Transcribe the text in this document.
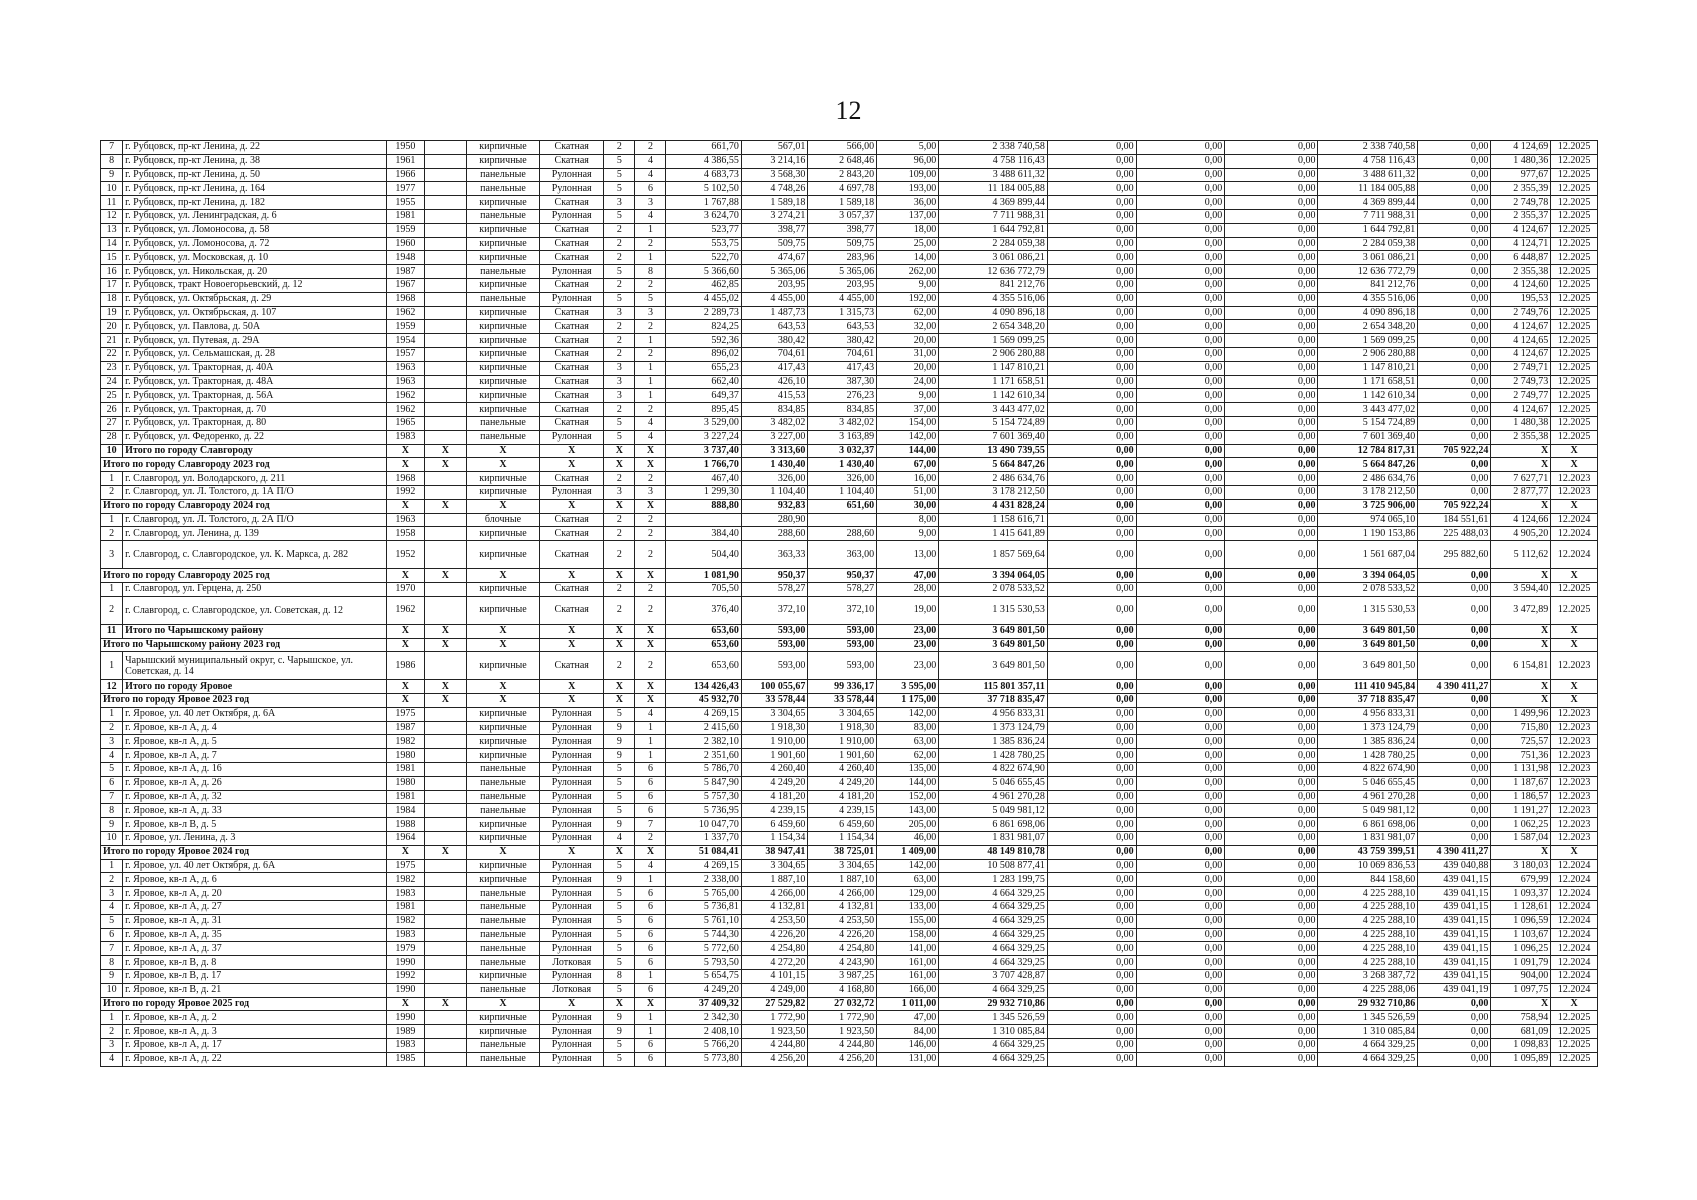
12
7	г. Рубцовск, пр-кт Ленина, д. 22	1950		кирпичные	Скатная	2	2	661,70	567,01	566,00	5,00	2 338 740,58	0,00	0,00	0,00	2 338 740,58	0,00	4 124,69	12.2025
8	г. Рубцовск, пр-кт Ленина, д. 38	1961		кирпичные	Скатная	5	4	4 386,55	3 214,16	2 648,46	96,00	4 758 116,43	0,00	0,00	0,00	4 758 116,43	0,00	1 480,36	12.2025
9	г. Рубцовск, пр-кт Ленина, д. 50	1966		панельные	Рулонная	5	4	4 683,73	3 568,30	2 843,20	109,00	3 488 611,32	0,00	0,00	0,00	3 488 611,32	0,00	977,67	12.2025
10	г. Рубцовск, пр-кт Ленина, д. 164	1977		панельные	Рулонная	5	6	5 102,50	4 748,26	4 697,78	193,00	11 184 005,88	0,00	0,00	0,00	11 184 005,88	0,00	2 355,39	12.2025
11	г. Рубцовск, пр-кт Ленина, д. 182	1955		кирпичные	Скатная	3	3	1 767,88	1 589,18	1 589,18	36,00	4 369 899,44	0,00	0,00	0,00	4 369 899,44	0,00	2 749,78	12.2025
12	г. Рубцовск, ул. Ленинградская, д. 6	1981		панельные	Рулонная	5	4	3 624,70	3 274,21	3 057,37	137,00	7 711 988,31	0,00	0,00	0,00	7 711 988,31	0,00	2 355,37	12.2025
13	г. Рубцовск, ул. Ломоносова, д. 58	1959		кирпичные	Скатная	2	1	523,77	398,77	398,77	18,00	1 644 792,81	0,00	0,00	0,00	1 644 792,81	0,00	4 124,67	12.2025
14	г. Рубцовск, ул. Ломоносова, д. 72	1960		кирпичные	Скатная	2	2	553,75	509,75	509,75	25,00	2 284 059,38	0,00	0,00	0,00	2 284 059,38	0,00	4 124,71	12.2025
15	г. Рубцовск, ул. Московская, д. 10	1948		кирпичные	Скатная	2	1	522,70	474,67	283,96	14,00	3 061 086,21	0,00	0,00	0,00	3 061 086,21	0,00	6 448,87	12.2025
16	г. Рубцовск, ул. Никольская, д. 20	1987		панельные	Рулонная	5	8	5 366,60	5 365,06	5 365,06	262,00	12 636 772,79	0,00	0,00	0,00	12 636 772,79	0,00	2 355,38	12.2025
17	г. Рубцовск, тракт Новоегорьевский, д. 12	1967		кирпичные	Скатная	2	2	462,85	203,95	203,95	9,00	841 212,76	0,00	0,00	0,00	841 212,76	0,00	4 124,60	12.2025
18	г. Рубцовск, ул. Октябрьская, д. 29	1968		панельные	Рулонная	5	5	4 455,02	4 455,00	4 455,00	192,00	4 355 516,06	0,00	0,00	0,00	4 355 516,06	0,00	195,53	12.2025
19	г. Рубцовск, ул. Октябрьская, д. 107	1962		кирпичные	Скатная	3	3	2 289,73	1 487,73	1 315,73	62,00	4 090 896,18	0,00	0,00	0,00	4 090 896,18	0,00	2 749,76	12.2025
20	г. Рубцовск, ул. Павлова, д. 50А	1959		кирпичные	Скатная	2	2	824,25	643,53	643,53	32,00	2 654 348,20	0,00	0,00	0,00	2 654 348,20	0,00	4 124,67	12.2025
21	г. Рубцовск, ул. Путевая, д. 29А	1954		кирпичные	Скатная	2	1	592,36	380,42	380,42	20,00	1 569 099,25	0,00	0,00	0,00	1 569 099,25	0,00	4 124,65	12.2025
22	г. Рубцовск, ул. Сельмашская, д. 28	1957		кирпичные	Скатная	2	2	896,02	704,61	704,61	31,00	2 906 280,88	0,00	0,00	0,00	2 906 280,88	0,00	4 124,67	12.2025
23	г. Рубцовск, ул. Тракторная, д. 40А	1963		кирпичные	Скатная	3	1	655,23	417,43	417,43	20,00	1 147 810,21	0,00	0,00	0,00	1 147 810,21	0,00	2 749,71	12.2025
24	г. Рубцовск, ул. Тракторная, д. 48А	1963		кирпичные	Скатная	3	1	662,40	426,10	387,30	24,00	1 171 658,51	0,00	0,00	0,00	1 171 658,51	0,00	2 749,73	12.2025
25	г. Рубцовск, ул. Тракторная, д. 56А	1962		кирпичные	Скатная	3	1	649,37	415,53	276,23	9,00	1 142 610,34	0,00	0,00	0,00	1 142 610,34	0,00	2 749,77	12.2025
26	г. Рубцовск, ул. Тракторная, д. 70	1962		кирпичные	Скатная	2	2	895,45	834,85	834,85	37,00	3 443 477,02	0,00	0,00	0,00	3 443 477,02	0,00	4 124,67	12.2025
27	г. Рубцовск, ул. Тракторная, д. 80	1965		панельные	Скатная	5	4	3 529,00	3 482,02	3 482,02	154,00	5 154 724,89	0,00	0,00	0,00	5 154 724,89	0,00	1 480,38	12.2025
28	г. Рубцовск, ул. Федоренко, д. 22	1983		панельные	Рулонная	5	4	3 227,24	3 227,00	3 163,89	142,00	7 601 369,40	0,00	0,00	0,00	7 601 369,40	0,00	2 355,38	12.2025
10	Итого по городу Славгороду	X	X	X	X	X	X	3 737,40	3 313,60	3 032,37	144,00	13 490 739,55	0,00	0,00	0,00	12 784 817,31	705 922,24	X	X
Итого по городу Славгороду 2023 год		X	X	X	X	X	X	1 766,70	1 430,40	1 430,40	67,00	5 664 847,26	0,00	0,00	0,00	5 664 847,26	0,00	X	X
1	г. Славгород, ул. Володарского, д. 211	1968		кирпичные	Скатная	2	2	467,40	326,00	326,00	16,00	2 486 634,76	0,00	0,00	0,00	2 486 634,76	0,00	7 627,71	12.2023
2	г. Славгород, ул. Л. Толстого, д. 1А П/О	1992		кирпичные	Рулонная	3	3	1 299,30	1 104,40	1 104,40	51,00	3 178 212,50	0,00	0,00	0,00	3 178 212,50	0,00	2 877,77	12.2023
Итого по городу Славгороду 2024 год		X	X	X	X	X	X	888,80	932,83	651,60	30,00	4 431 828,24	0,00	0,00	0,00	3 725 906,00	705 922,24	X	X
1	г. Славгород, ул. Л. Толстого, д. 2А П/О	1963		блочные	Скатная	2	2		280,90		8,00	1 158 616,71	0,00	0,00	0,00	974 065,10	184 551,61	4 124,66	12.2024
2	г. Славгород, ул. Ленина, д. 139	1958		кирпичные	Скатная	2	2	384,40	288,60	288,60	9,00	1 415 641,89	0,00	0,00	0,00	1 190 153,86	225 488,03	4 905,20	12.2024
3	г. Славгород, с. Славгородское, ул. К. Маркса, д. 282	1952		кирпичные	Скатная	2	2	504,40	363,33	363,00	13,00	1 857 569,64	0,00	0,00	0,00	1 561 687,04	295 882,60	5 112,62	12.2024
Итого по городу Славгороду 2025 год		X	X	X	X	X	X	1 081,90	950,37	950,37	47,00	3 394 064,05	0,00	0,00	0,00	3 394 064,05	0,00	X	X
1	г. Славгород, ул. Герцена, д. 250	1970		кирпичные	Скатная	2	2	705,50	578,27	578,27	28,00	2 078 533,52	0,00	0,00	0,00	2 078 533,52	0,00	3 594,40	12.2025
2	г. Славгород, с. Славгородское, ул. Советская, д. 12	1962		кирпичные	Скатная	2	2	376,40	372,10	372,10	19,00	1 315 530,53	0,00	0,00	0,00	1 315 530,53	0,00	3 472,89	12.2025
11	Итого по Чарышскому району	X	X	X	X	X	X	653,60	593,00	593,00	23,00	3 649 801,50	0,00	0,00	0,00	3 649 801,50	0,00	X	X
Итого по Чарышскому району 2023 год		X	X	X	X	X	X	653,60	593,00	593,00	23,00	3 649 801,50	0,00	0,00	0,00	3 649 801,50	0,00	X	X
1	Чарышский муниципальный округ, с. Чарышское, ул. Советская, д. 14	1986		кирпичные	Скатная	2	2	653,60	593,00	593,00	23,00	3 649 801,50	0,00	0,00	0,00	3 649 801,50	0,00	6 154,81	12.2023
12	Итого по городу Яровое	X	X	X	X	X	X	134 426,43	100 055,67	99 336,17	3 595,00	115 801 357,11	0,00	0,00	0,00	111 410 945,84	4 390 411,27	X	X
Итого по городу Яровое 2023 год		X	X	X	X	X	X	45 932,70	33 578,44	33 578,44	1 175,00	37 718 835,47	0,00	0,00	0,00	37 718 835,47	0,00	X	X
1	г. Яровое, ул. 40 лет Октября, д. 6А	1975		кирпичные	Рулонная	5	4	4 269,15	3 304,65	3 304,65	142,00	4 956 833,31	0,00	0,00	0,00	4 956 833,31	0,00	1 499,96	12.2023
2	г. Яровое, кв-л А, д. 4	1987		кирпичные	Рулонная	9	1	2 415,60	1 918,30	1 918,30	83,00	1 373 124,79	0,00	0,00	0,00	1 373 124,79	0,00	715,80	12.2023
3	г. Яровое, кв-л А, д. 5	1982		кирпичные	Рулонная	9	1	2 382,10	1 910,00	1 910,00	63,00	1 385 836,24	0,00	0,00	0,00	1 385 836,24	0,00	725,57	12.2023
4	г. Яровое, кв-л А, д. 7	1980		кирпичные	Рулонная	9	1	2 351,60	1 901,60	1 901,60	62,00	1 428 780,25	0,00	0,00	0,00	1 428 780,25	0,00	751,36	12.2023
5	г. Яровое, кв-л А, д. 16	1981		панельные	Рулонная	5	6	5 786,70	4 260,40	4 260,40	135,00	4 822 674,90	0,00	0,00	0,00	4 822 674,90	0,00	1 131,98	12.2023
6	г. Яровое, кв-л А, д. 26	1980		панельные	Рулонная	5	6	5 847,90	4 249,20	4 249,20	144,00	5 046 655,45	0,00	0,00	0,00	5 046 655,45	0,00	1 187,67	12.2023
7	г. Яровое, кв-л А, д. 32	1981		панельные	Рулонная	5	6	5 757,30	4 181,20	4 181,20	152,00	4 961 270,28	0,00	0,00	0,00	4 961 270,28	0,00	1 186,57	12.2023
8	г. Яровое, кв-л А, д. 33	1984		панельные	Рулонная	5	6	5 736,95	4 239,15	4 239,15	143,00	5 049 981,12	0,00	0,00	0,00	5 049 981,12	0,00	1 191,27	12.2023
9	г. Яровое, кв-л В, д. 5	1988		кирпичные	Рулонная	9	7	10 047,70	6 459,60	6 459,60	205,00	6 861 698,06	0,00	0,00	0,00	6 861 698,06	0,00	1 062,25	12.2023
10	г. Яровое, ул. Ленина, д. 3	1964		кирпичные	Рулонная	4	2	1 337,70	1 154,34	1 154,34	46,00	1 831 981,07	0,00	0,00	0,00	1 831 981,07	0,00	1 587,04	12.2023
Итого по городу Яровое 2024 год		X	X	X	X	X	X	51 084,41	38 947,41	38 725,01	1 409,00	48 149 810,78	0,00	0,00	0,00	43 759 399,51	4 390 411,27	X	X
1	г. Яровое, ул. 40 лет Октября, д. 6А	1975		кирпичные	Рулонная	5	4	4 269,15	3 304,65	3 304,65	142,00	10 508 877,41	0,00	0,00	0,00	10 069 836,53	439 040,88	3 180,03	12.2024
2	г. Яровое, кв-л А, д. 6	1982		кирпичные	Рулонная	9	1	2 338,00	1 887,10	1 887,10	63,00	1 283 199,75	0,00	0,00	0,00	844 158,60	439 041,15	679,99	12.2024
3	г. Яровое, кв-л А, д. 20	1983		панельные	Рулонная	5	6	5 765,00	4 266,00	4 266,00	129,00	4 664 329,25	0,00	0,00	0,00	4 225 288,10	439 041,15	1 093,37	12.2024
4	г. Яровое, кв-л А, д. 27	1981		панельные	Рулонная	5	6	5 736,81	4 132,81	4 132,81	133,00	4 664 329,25	0,00	0,00	0,00	4 225 288,10	439 041,15	1 128,61	12.2024
5	г. Яровое, кв-л А, д. 31	1982		панельные	Рулонная	5	6	5 761,10	4 253,50	4 253,50	155,00	4 664 329,25	0,00	0,00	0,00	4 225 288,10	439 041,15	1 096,59	12.2024
6	г. Яровое, кв-л А, д. 35	1983		панельные	Рулонная	5	6	5 744,30	4 226,20	4 226,20	158,00	4 664 329,25	0,00	0,00	0,00	4 225 288,10	439 041,15	1 103,67	12.2024
7	г. Яровое, кв-л А, д. 37	1979		панельные	Рулонная	5	6	5 772,60	4 254,80	4 254,80	141,00	4 664 329,25	0,00	0,00	0,00	4 225 288,10	439 041,15	1 096,25	12.2024
8	г. Яровое, кв-л В, д. 8	1990		панельные	Лотковая	5	6	5 793,50	4 272,20	4 243,90	161,00	4 664 329,25	0,00	0,00	0,00	4 225 288,10	439 041,15	1 091,79	12.2024
9	г. Яровое, кв-л В, д. 17	1992		кирпичные	Рулонная	8	1	5 654,75	4 101,15	3 987,25	161,00	3 707 428,87	0,00	0,00	0,00	3 268 387,72	439 041,15	904,00	12.2024
10	г. Яровое, кв-л В, д. 21	1990		панельные	Лотковая	5	6	4 249,20	4 249,00	4 168,80	166,00	4 664 329,25	0,00	0,00	0,00	4 225 288,06	439 041,19	1 097,75	12.2024
Итого по городу Яровое 2025 год		X	X	X	X	X	X	37 409,32	27 529,82	27 032,72	1 011,00	29 932 710,86	0,00	0,00	0,00	29 932 710,86	0,00	X	X
1	г. Яровое, кв-л А, д. 2	1990		кирпичные	Рулонная	9	1	2 342,30	1 772,90	1 772,90	47,00	1 345 526,59	0,00	0,00	0,00	1 345 526,59	0,00	758,94	12.2025
2	г. Яровое, кв-л А, д. 3	1989		кирпичные	Рулонная	9	1	2 408,10	1 923,50	1 923,50	84,00	1 310 085,84	0,00	0,00	0,00	1 310 085,84	0,00	681,09	12.2025
3	г. Яровое, кв-л А, д. 17	1983		панельные	Рулонная	5	6	5 766,20	4 244,80	4 244,80	146,00	4 664 329,25	0,00	0,00	0,00	4 664 329,25	0,00	1 098,83	12.2025
4	г. Яровое, кв-л А, д. 22	1985		панельные	Рулонная	5	6	5 773,80	4 256,20	4 256,20	131,00	4 664 329,25	0,00	0,00	0,00	4 664 329,25	0,00	1 095,89	12.2025
